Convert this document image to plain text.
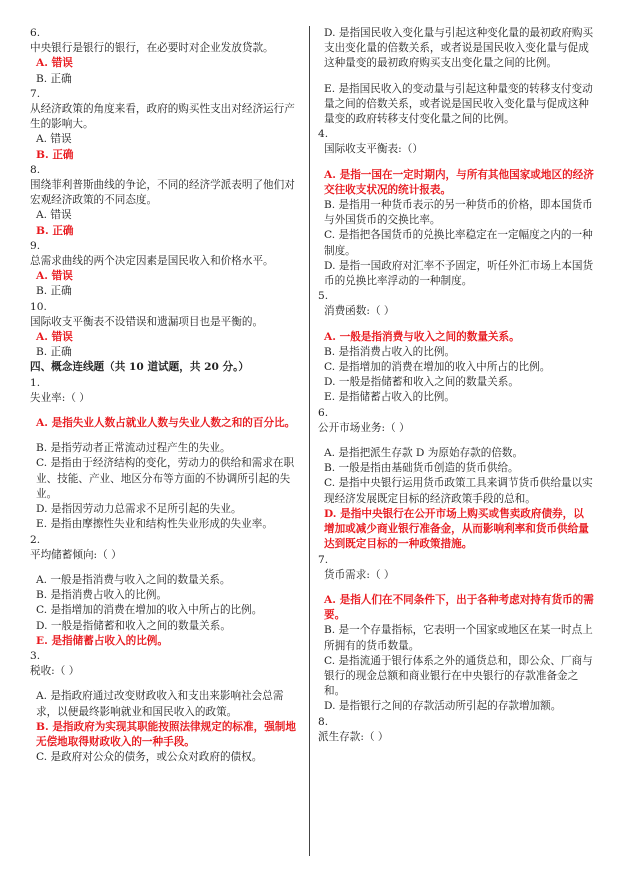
6.
中央银行是银行的银行，在必要时对企业发放贷款。
A. 错误
B. 正确
7.
从经济政策的角度来看，政府的购买性支出对经济运行产生的影响大。
A. 错误
B. 正确
8.
围绕菲利普斯曲线的争论，不同的经济学派表明了他们对宏观经济政策的不同态度。
A. 错误
B. 正确
9.
总需求曲线的两个决定因素是国民收入和价格水平。
A. 错误
B. 正确
10.
国际收支平衡表不设错误和遗漏项目也是平衡的。
A. 错误
B. 正确
四、概念连线题（共 10 道试题，共 20 分。）
1.
失业率:（ ）
A. 是指失业人数占就业人数与失业人数之和的百分比。
B. 是指劳动者正常流动过程产生的失业。
C. 是指由于经济结构的变化，劳动力的供给和需求在职业、技能、产业、地区分布等方面的不协调所引起的失业。
D. 是指因劳动力总需求不足所引起的失业。
E. 是指由摩擦性失业和结构性失业形成的失业率。
2.
平均储蓄倾向:（ ）
A. 一般是指消费与收入之间的数量关系。
B. 是指消费占收入的比例。
C. 是指增加的消费在增加的收入中所占的比例。
D. 一般是指储蓄和收入之间的数量关系。
E. 是指储蓄占收入的比例。
3.
税收:（ ）
A. 是指政府通过改变财政收入和支出来影响社会总需求，以便最终影响就业和国民收入的政策。
B. 是指政府为实现其职能按照法律规定的标准，强制地无偿地取得财政收入的一种手段。
C. 是政府对公众的债务，或公众对政府的债权。
D. 是指国民收入变化量与引起这种变化量的最初政府购买支出变化量的倍数关系，或者说是国民收入变化量与促成这种量变的最初政府购买支出变化量之间的比例。
E. 是指国民收入的变动量与引起这种量变的转移支付变动量之间的倍数关系，或者说是国民收入变化量与促成这种量变的政府转移支付变化量之间的比例。
4.
国际收支平衡表:（）
A. 是指一国在一定时期内，与所有其他国家或地区的经济交往收支状况的统计报表。
B. 是指用一种货币表示的另一种货币的价格，即本国货币与外国货币的交换比率。
C. 是指把各国货币的兑换比率稳定在一定幅度之内的一种制度。
D. 是指一国政府对汇率不予固定，听任外汇市场上本国货币的兑换比率浮动的一种制度。
5.
消费函数:（ ）
A. 一般是指消费与收入之间的数量关系。
B. 是指消费占收入的比例。
C. 是指增加的消费在增加的收入中所占的比例。
D. 一般是指储蓄和收入之间的数量关系。
E. 是指储蓄占收入的比例。
6.
公开市场业务:（ ）
A. 是指把派生存款 D 为原始存款的倍数。
B. 一般是指由基础货币创造的货币供给。
C. 是指中央银行运用货币政策工具来调节货币供给量以实现经济发展既定目标的经济政策手段的总和。
D. 是指中央银行在公开市场上购买或售卖政府债券，以增加或减少商业银行准备金，从而影响利率和货币供给量达到既定目标的一种政策措施。
7.
货币需求:（ ）
A. 是指人们在不同条件下，出于各种考虑对持有货币的需要。
B. 是一个存量指标，它表明一个国家或地区在某一时点上所拥有的货币数量。
C. 是指流通于银行体系之外的通货总和，即公众、厂商与银行的现金总额和商业银行在中央银行的存款准备金之和。
D. 是指银行之间的存款活动所引起的存款增加额。
8.
派生存款:（ ）
